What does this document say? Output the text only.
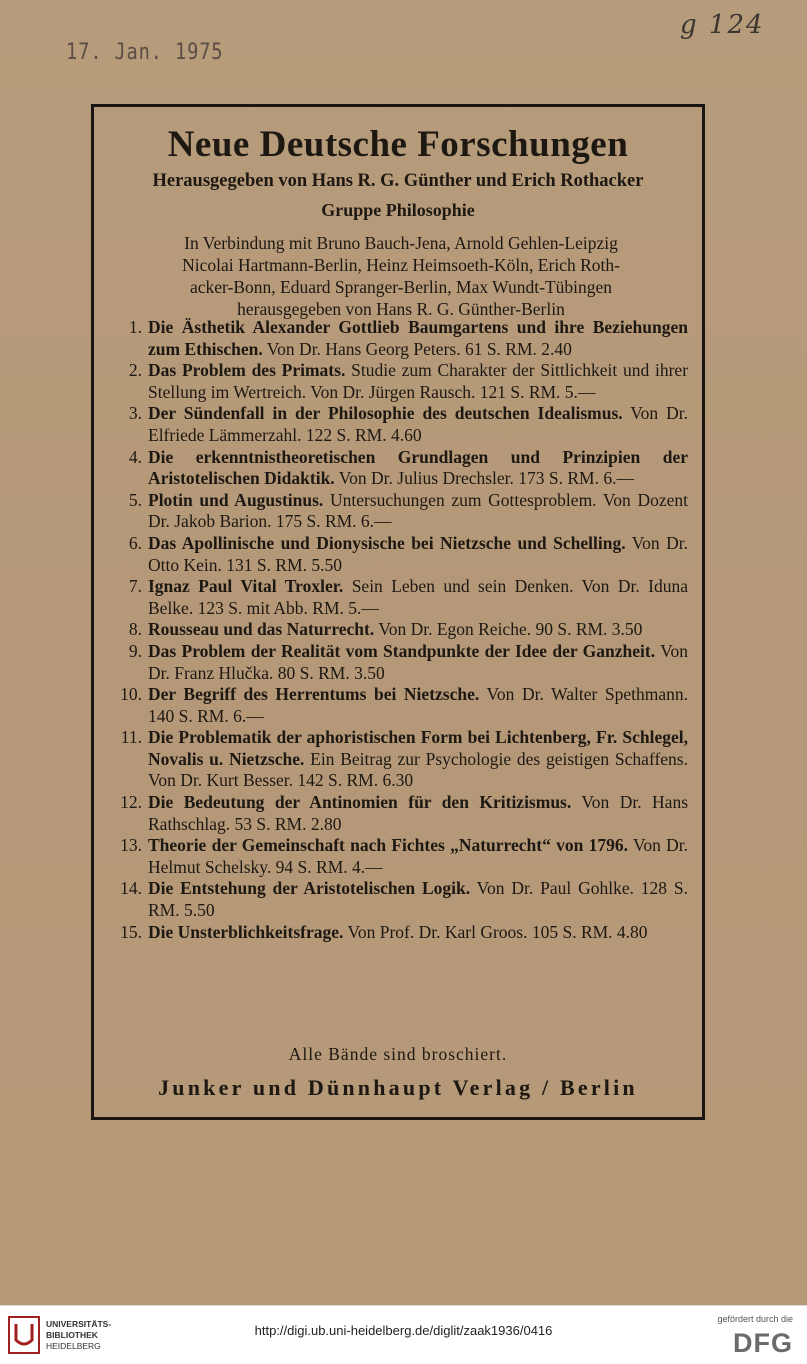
17. Jan. 1975
g 124
Neue Deutsche Forschungen
Herausgegeben von Hans R. G. Günther und Erich Rothacker
Gruppe Philosophie
In Verbindung mit Bruno Bauch-Jena, Arnold Gehlen-Leipzig
Nicolai Hartmann-Berlin, Heinz Heimsoeth-Köln, Erich Roth-
acker-Bonn, Eduard Spranger-Berlin, Max Wundt-Tübingen
herausgegeben von Hans R. G. Günther-Berlin
1. Die Ästhetik Alexander Gottlieb Baumgartens und ihre Beziehungen zum Ethischen. Von Dr. Hans Georg Peters. 61 S. RM. 2.40
2. Das Problem des Primats. Studie zum Charakter der Sittlichkeit und ihrer Stellung im Wertreich. Von Dr. Jürgen Rausch. 121 S. RM. 5.—
3. Der Sündenfall in der Philosophie des deutschen Idealismus. Von Dr. Elfriede Lämmerzahl. 122 S. RM. 4.60
4. Die erkenntnistheoretischen Grundlagen und Prinzipien der Aristotelischen Didaktik. Von Dr. Julius Drechsler. 173 S. RM. 6.—
5. Plotin und Augustinus. Untersuchungen zum Gottesproblem. Von Dozent Dr. Jakob Barion. 175 S. RM. 6.—
6. Das Apollinische und Dionysische bei Nietzsche und Schelling. Von Dr. Otto Kein. 131 S. RM. 5.50
7. Ignaz Paul Vital Troxler. Sein Leben und sein Denken. Von Dr. Iduna Belke. 123 S. mit Abb. RM. 5.—
8. Rousseau und das Naturrecht. Von Dr. Egon Reiche. 90 S. RM. 3.50
9. Das Problem der Realität vom Standpunkte der Idee der Ganzheit. Von Dr. Franz Hlučka. 80 S. RM. 3.50
10. Der Begriff des Herrentums bei Nietzsche. Von Dr. Walter Spethmann. 140 S. RM. 6.—
11. Die Problematik der aphoristischen Form bei Lichtenberg, Fr. Schlegel, Novalis u. Nietzsche. Ein Beitrag zur Psychologie des geistigen Schaffens. Von Dr. Kurt Besser. 142 S. RM. 6.30
12. Die Bedeutung der Antinomien für den Kritizismus. Von Dr. Hans Rathschlag. 53 S. RM. 2.80
13. Theorie der Gemeinschaft nach Fichtes „Naturrecht“ von 1796. Von Dr. Helmut Schelsky. 94 S. RM. 4.—
14. Die Entstehung der Aristotelischen Logik. Von Dr. Paul Gohlke. 128 S. RM. 5.50
15. Die Unsterblichkeitsfrage. Von Prof. Dr. Karl Groos. 105 S. RM. 4.80
Alle Bände sind broschiert.
Junker und Dünnhaupt Verlag / Berlin
UNIVERSITÄTS-
BIBLIOTHEK
HEIDELBERG
http://digi.ub.uni-heidelberg.de/diglit/zaak1936/0416
gefördert durch die
DFG
